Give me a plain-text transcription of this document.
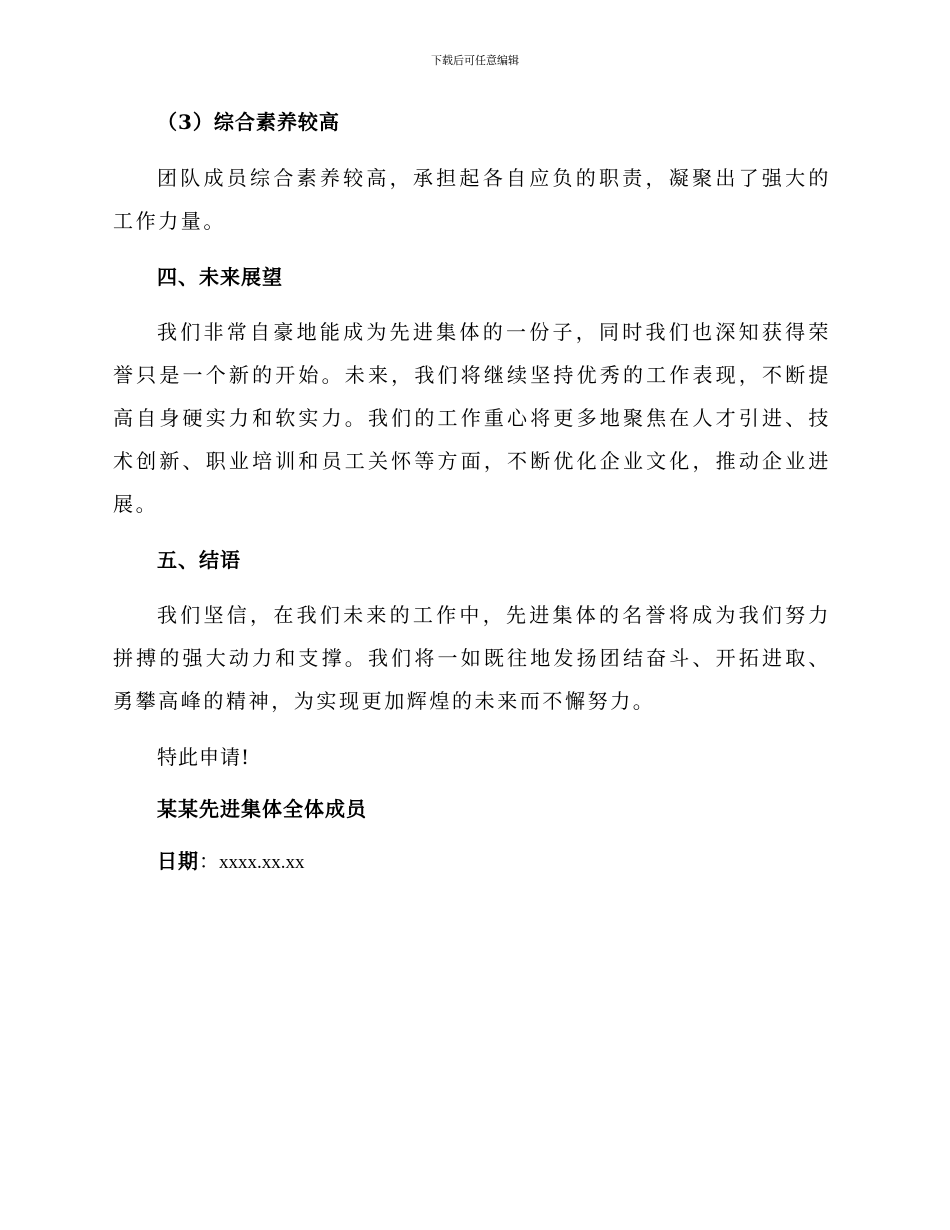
下载后可任意编辑

（3）综合素养较高

团队成员综合素养较高，承担起各自应负的职责，凝聚出了强大的工作力量。

四、未来展望

我们非常自豪地能成为先进集体的一份子，同时我们也深知获得荣誉只是一个新的开始。未来，我们将继续坚持优秀的工作表现，不断提高自身硬实力和软实力。我们的工作重心将更多地聚焦在人才引进、技术创新、职业培训和员工关怀等方面，不断优化企业文化，推动企业进展。

五、结语

我们坚信，在我们未来的工作中，先进集体的名誉将成为我们努力拼搏的强大动力和支撑。我们将一如既往地发扬团结奋斗、开拓进取、勇攀高峰的精神，为实现更加辉煌的未来而不懈努力。

特此申请!

某某先进集体全体成员

日期：xxxx.xx.xx
